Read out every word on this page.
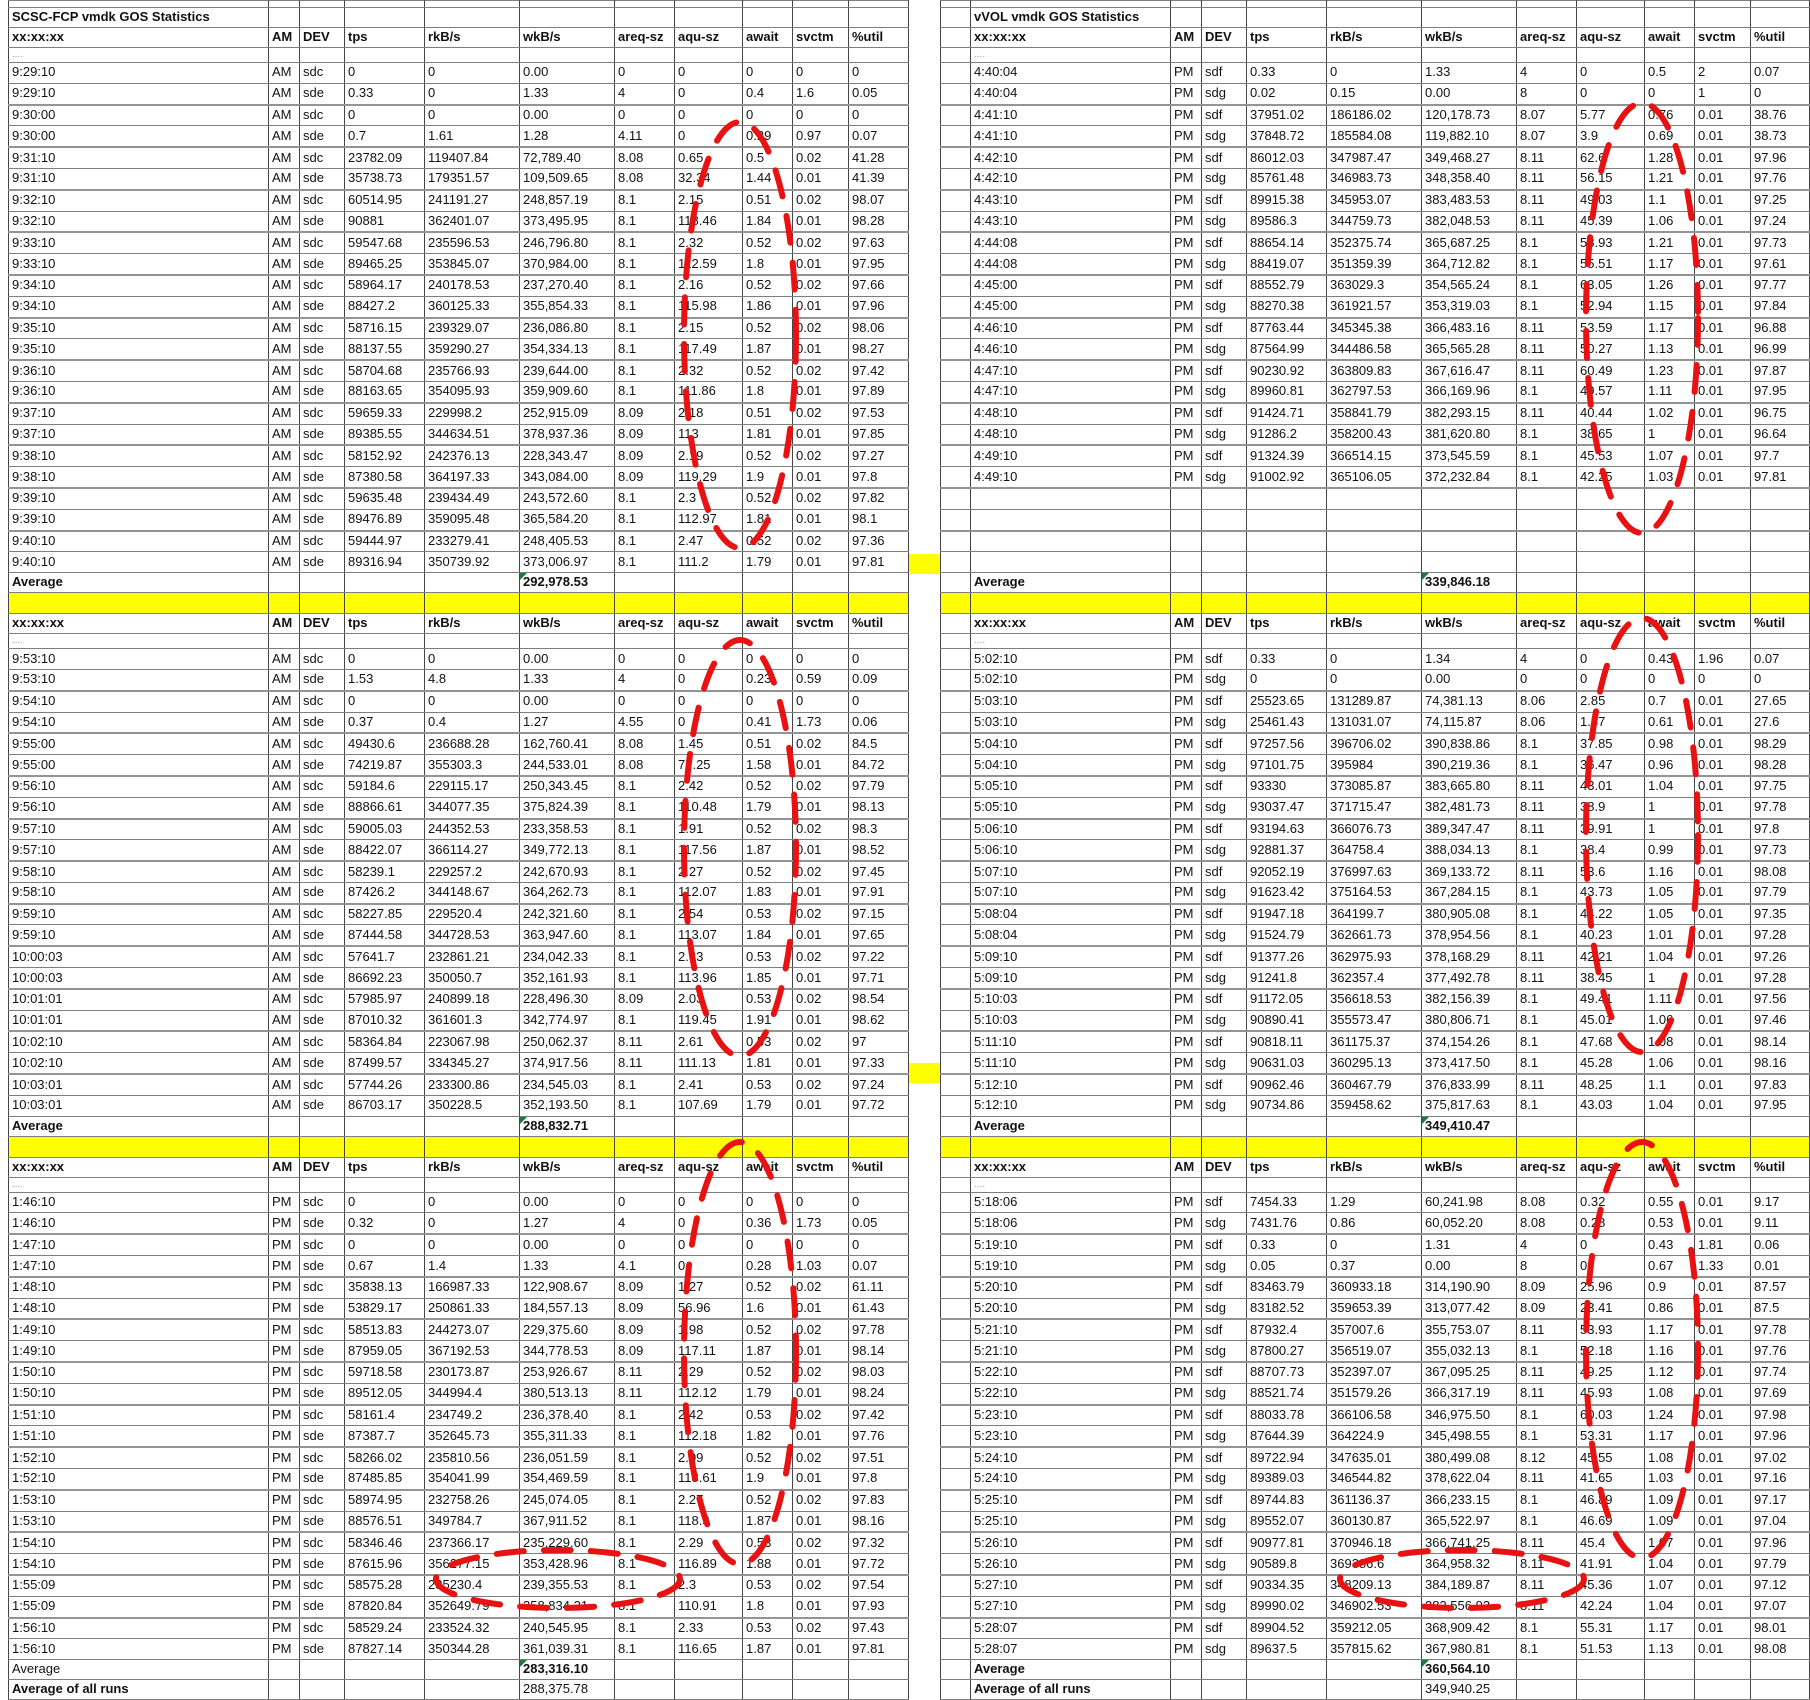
SCSC-FCP vmdk GOS Statistics										
xx:xx:xx	AM	DEV	tps	rkB/s	wkB/s	areq-sz	aqu-sz	await	svctm	%util
....										
9:29:10	AM	sdc	0	0	0.00	0	0	0	0	0
9:29:10	AM	sde	0.33	0	1.33	4	0	0.4	1.6	0.05
9:30:00	AM	sdc	0	0	0.00	0	0	0	0	0
9:30:00	AM	sde	0.7	1.61	1.28	4.11	0	0.29	0.97	0.07
9:31:10	AM	sdc	23782.09	119407.84	72,789.40	8.08	0.65	0.5	0.02	41.28
9:31:10	AM	sde	35738.73	179351.57	109,509.65	8.08	32.34	1.44	0.01	41.39
9:32:10	AM	sdc	60514.95	241191.27	248,857.19	8.1	2.15	0.51	0.02	98.07
9:32:10	AM	sde	90881	362401.07	373,495.95	8.1	118.46	1.84	0.01	98.28
9:33:10	AM	sdc	59547.68	235596.53	246,796.80	8.1	2.32	0.52	0.02	97.63
9:33:10	AM	sde	89465.25	353845.07	370,984.00	8.1	112.59	1.8	0.01	97.95
9:34:10	AM	sdc	58964.17	240178.53	237,270.40	8.1	2.16	0.52	0.02	97.66
9:34:10	AM	sde	88427.2	360125.33	355,854.33	8.1	115.98	1.86	0.01	97.96
9:35:10	AM	sdc	58716.15	239329.07	236,086.80	8.1	2.15	0.52	0.02	98.06
9:35:10	AM	sde	88137.55	359290.27	354,334.13	8.1	117.49	1.87	0.01	98.27
9:36:10	AM	sdc	58704.68	235766.93	239,644.00	8.1	2.32	0.52	0.02	97.42
9:36:10	AM	sde	88163.65	354095.93	359,909.60	8.1	111.86	1.8	0.01	97.89
9:37:10	AM	sdc	59659.33	229998.2	252,915.09	8.09	2.18	0.51	0.02	97.53
9:37:10	AM	sde	89385.55	344634.51	378,937.36	8.09	113	1.81	0.01	97.85
9:38:10	AM	sdc	58152.92	242376.13	228,343.47	8.09	2.19	0.52	0.02	97.27
9:38:10	AM	sde	87380.58	364197.33	343,084.00	8.09	119.29	1.9	0.01	97.8
9:39:10	AM	sdc	59635.48	239434.49	243,572.60	8.1	2.3	0.52	0.02	97.82
9:39:10	AM	sde	89476.89	359095.48	365,584.20	8.1	112.97	1.81	0.01	98.1
9:40:10	AM	sdc	59444.97	233279.41	248,405.53	8.1	2.47	0.52	0.02	97.36
9:40:10	AM	sde	89316.94	350739.92	373,006.97	8.1	111.2	1.79	0.01	97.81
Average					292,978.53					

xx:xx:xx	AM	DEV	tps	rkB/s	wkB/s	areq-sz	aqu-sz	await	svctm	%util
....										
9:53:10	AM	sdc	0	0	0.00	0	0	0	0	0
9:53:10	AM	sde	1.53	4.8	1.33	4	0	0.23	0.59	0.09
9:54:10	AM	sdc	0	0	0.00	0	0	0	0	0
9:54:10	AM	sde	0.37	0.4	1.27	4.55	0	0.41	1.73	0.06
9:55:00	AM	sdc	49430.6	236688.28	162,760.41	8.08	1.45	0.51	0.02	84.5
9:55:00	AM	sde	74219.87	355303.3	244,533.01	8.08	77.25	1.58	0.01	84.72
9:56:10	AM	sdc	59184.6	229115.17	250,343.45	8.1	2.42	0.52	0.02	97.79
9:56:10	AM	sde	88866.61	344077.35	375,824.39	8.1	110.48	1.79	0.01	98.13
9:57:10	AM	sdc	59005.03	244352.53	233,358.53	8.1	1.91	0.52	0.02	98.3
9:57:10	AM	sde	88422.07	366114.27	349,772.13	8.1	117.56	1.87	0.01	98.52
9:58:10	AM	sdc	58239.1	229257.2	242,670.93	8.1	2.27	0.52	0.02	97.45
9:58:10	AM	sde	87426.2	344148.67	364,262.73	8.1	112.07	1.83	0.01	97.91
9:59:10	AM	sdc	58227.85	229520.4	242,321.60	8.1	2.54	0.53	0.02	97.15
9:59:10	AM	sde	87444.58	344728.53	363,947.60	8.1	113.07	1.84	0.01	97.65
10:00:03	AM	sdc	57641.7	232861.21	234,042.33	8.1	2.33	0.53	0.02	97.22
10:00:03	AM	sde	86692.23	350050.7	352,161.93	8.1	113.96	1.85	0.01	97.71
10:01:01	AM	sdc	57985.97	240899.18	228,496.30	8.09	2.03	0.53	0.02	98.54
10:01:01	AM	sde	87010.32	361601.3	342,774.97	8.1	119.45	1.91	0.01	98.62
10:02:10	AM	sdc	58364.84	223067.98	250,062.37	8.11	2.61	0.53	0.02	97
10:02:10	AM	sde	87499.57	334345.27	374,917.56	8.11	111.13	1.81	0.01	97.33
10:03:01	AM	sdc	57744.26	233300.86	234,545.03	8.1	2.41	0.53	0.02	97.24
10:03:01	AM	sde	86703.17	350228.5	352,193.50	8.1	107.69	1.79	0.01	97.72
Average					288,832.71					

xx:xx:xx	AM	DEV	tps	rkB/s	wkB/s	areq-sz	aqu-sz	await	svctm	%util
....										
1:46:10	PM	sdc	0	0	0.00	0	0	0	0	0
1:46:10	PM	sde	0.32	0	1.27	4	0	0.36	1.73	0.05
1:47:10	PM	sdc	0	0	0.00	0	0	0	0	0
1:47:10	PM	sde	0.67	1.4	1.33	4.1	0	0.28	1.03	0.07
1:48:10	PM	sdc	35838.13	166987.33	122,908.67	8.09	1.27	0.52	0.02	61.11
1:48:10	PM	sde	53829.17	250861.33	184,557.13	8.09	56.96	1.6	0.01	61.43
1:49:10	PM	sdc	58513.83	244273.07	229,375.60	8.09	1.98	0.52	0.02	97.78
1:49:10	PM	sde	87959.05	367192.53	344,778.53	8.09	117.11	1.87	0.01	98.14
1:50:10	PM	sdc	59718.58	230173.87	253,926.67	8.11	2.29	0.52	0.02	98.03
1:50:10	PM	sde	89512.05	344994.4	380,513.13	8.11	112.12	1.79	0.01	98.24
1:51:10	PM	sdc	58161.4	234749.2	236,378.40	8.1	2.42	0.53	0.02	97.42
1:51:10	PM	sde	87387.7	352645.73	355,311.33	8.1	112.18	1.82	0.01	97.76
1:52:10	PM	sdc	58266.02	235810.56	236,051.59	8.1	2.09	0.52	0.02	97.51
1:52:10	PM	sde	87485.85	354041.99	354,469.59	8.1	118.61	1.9	0.01	97.8
1:53:10	PM	sdc	58974.95	232758.26	245,074.05	8.1	2.27	0.52	0.02	97.83
1:53:10	PM	sde	88576.51	349784.7	367,911.52	8.1	118.3	1.87	0.01	98.16
1:54:10	PM	sdc	58346.46	237366.17	235,229.60	8.1	2.29	0.53	0.02	97.32
1:54:10	PM	sde	87615.96	356277.15	353,428.96	8.1	116.89	1.88	0.01	97.72
1:55:09	PM	sdc	58575.28	235230.4	239,355.53	8.1	2.3	0.53	0.02	97.54
1:55:09	PM	sde	87820.84	352649.79	358,834.21	8.1	110.91	1.8	0.01	97.93
1:56:10	PM	sdc	58529.24	233524.32	240,545.95	8.1	2.33	0.53	0.02	97.43
1:56:10	PM	sde	87827.14	350344.28	361,039.31	8.1	116.65	1.87	0.01	97.81
Average					283,316.10					
Average of all runs					288,375.78					

	vVOL vmdk GOS Statistics										
	xx:xx:xx	AM	DEV	tps	rkB/s	wkB/s	areq-sz	aqu-sz	await	svctm	%util
	....										
	4:40:04	PM	sdf	0.33	0	1.33	4	0	0.5	2	0.07
	4:40:04	PM	sdg	0.02	0.15	0.00	8	0	0	1	0
	4:41:10	PM	sdf	37951.02	186186.02	120,178.73	8.07	5.77	0.76	0.01	38.76
	4:41:10	PM	sdg	37848.72	185584.08	119,882.10	8.07	3.9	0.69	0.01	38.73
	4:42:10	PM	sdf	86012.03	347987.47	349,468.27	8.11	62.6	1.28	0.01	97.96
	4:42:10	PM	sdg	85761.48	346983.73	348,358.40	8.11	56.15	1.21	0.01	97.76
	4:43:10	PM	sdf	89915.38	345953.07	383,483.53	8.11	49.03	1.1	0.01	97.25
	4:43:10	PM	sdg	89586.3	344759.73	382,048.53	8.11	45.39	1.06	0.01	97.24
	4:44:08	PM	sdf	88654.14	352375.74	365,687.25	8.1	58.93	1.21	0.01	97.73
	4:44:08	PM	sdg	88419.07	351359.39	364,712.82	8.1	55.51	1.17	0.01	97.61
	4:45:00	PM	sdf	88552.79	363029.3	354,565.24	8.1	63.05	1.26	0.01	97.77
	4:45:00	PM	sdg	88270.38	361921.57	353,319.03	8.1	52.94	1.15	0.01	97.84
	4:46:10	PM	sdf	87763.44	345345.38	366,483.16	8.11	53.59	1.17	0.01	96.88
	4:46:10	PM	sdg	87564.99	344486.58	365,565.28	8.11	50.27	1.13	0.01	96.99
	4:47:10	PM	sdf	90230.92	363809.83	367,616.47	8.11	60.49	1.23	0.01	97.87
	4:47:10	PM	sdg	89960.81	362797.53	366,169.96	8.1	49.57	1.11	0.01	97.95
	4:48:10	PM	sdf	91424.71	358841.79	382,293.15	8.11	40.44	1.02	0.01	96.75
	4:48:10	PM	sdg	91286.2	358200.43	381,620.80	8.1	38.65	1	0.01	96.64
	4:49:10	PM	sdf	91324.39	366514.15	373,545.59	8.1	45.53	1.07	0.01	97.7
	4:49:10	PM	sdg	91002.92	365106.05	372,232.84	8.1	42.25	1.03	0.01	97.81

	Average					339,846.18					

	xx:xx:xx	AM	DEV	tps	rkB/s	wkB/s	areq-sz	aqu-sz	await	svctm	%util
	....										
	5:02:10	PM	sdf	0.33	0	1.34	4	0	0.43	1.96	0.07
	5:02:10	PM	sdg	0	0	0.00	0	0	0	0	0
	5:03:10	PM	sdf	25523.65	131289.87	74,381.13	8.06	2.85	0.7	0.01	27.65
	5:03:10	PM	sdg	25461.43	131031.07	74,115.87	8.06	1.37	0.61	0.01	27.6
	5:04:10	PM	sdf	97257.56	396706.02	390,838.86	8.1	37.85	0.98	0.01	98.29
	5:04:10	PM	sdg	97101.75	395984	390,219.36	8.1	36.47	0.96	0.01	98.28
	5:05:10	PM	sdf	93330	373085.87	383,665.80	8.11	43.01	1.04	0.01	97.75
	5:05:10	PM	sdg	93037.47	371715.47	382,481.73	8.11	38.9	1	0.01	97.78
	5:06:10	PM	sdf	93194.63	366076.73	389,347.47	8.11	39.91	1	0.01	97.8
	5:06:10	PM	sdg	92881.37	364758.4	388,034.13	8.1	38.4	0.99	0.01	97.73
	5:07:10	PM	sdf	92052.19	376997.63	369,133.72	8.11	53.6	1.16	0.01	98.08
	5:07:10	PM	sdg	91623.42	375164.53	367,284.15	8.1	43.73	1.05	0.01	97.79
	5:08:04	PM	sdf	91947.18	364199.7	380,905.08	8.1	44.22	1.05	0.01	97.35
	5:08:04	PM	sdg	91524.79	362661.73	378,954.56	8.1	40.23	1.01	0.01	97.28
	5:09:10	PM	sdf	91377.26	362975.93	378,168.29	8.11	42.21	1.04	0.01	97.26
	5:09:10	PM	sdg	91241.8	362357.4	377,492.78	8.11	38.45	1	0.01	97.28
	5:10:03	PM	sdf	91172.05	356618.53	382,156.39	8.1	49.41	1.11	0.01	97.56
	5:10:03	PM	sdg	90890.41	355573.47	380,806.71	8.1	45.01	1.06	0.01	97.46
	5:11:10	PM	sdf	90818.11	361175.37	374,154.26	8.1	47.68	1.08	0.01	98.14
	5:11:10	PM	sdg	90631.03	360295.13	373,417.50	8.1	45.28	1.06	0.01	98.16
	5:12:10	PM	sdf	90962.46	360467.79	376,833.99	8.11	48.25	1.1	0.01	97.83
	5:12:10	PM	sdg	90734.86	359458.62	375,817.63	8.1	43.03	1.04	0.01	97.95
	Average					349,410.47					

	xx:xx:xx	AM	DEV	tps	rkB/s	wkB/s	areq-sz	aqu-sz	await	svctm	%util
	....										
	5:18:06	PM	sdf	7454.33	1.29	60,241.98	8.08	0.32	0.55	0.01	9.17
	5:18:06	PM	sdg	7431.76	0.86	60,052.20	8.08	0.28	0.53	0.01	9.11
	5:19:10	PM	sdf	0.33	0	1.31	4	0	0.43	1.81	0.06
	5:19:10	PM	sdg	0.05	0.37	0.00	8	0	0.67	1.33	0.01
	5:20:10	PM	sdf	83463.79	360933.18	314,190.90	8.09	25.96	0.9	0.01	87.57
	5:20:10	PM	sdg	83182.52	359653.39	313,077.42	8.09	23.41	0.86	0.01	87.5
	5:21:10	PM	sdf	87932.4	357007.6	355,753.07	8.11	53.93	1.17	0.01	97.78
	5:21:10	PM	sdg	87800.27	356519.07	355,032.13	8.1	52.18	1.16	0.01	97.76
	5:22:10	PM	sdf	88707.73	352397.07	367,095.25	8.11	49.25	1.12	0.01	97.74
	5:22:10	PM	sdg	88521.74	351579.26	366,317.19	8.11	45.93	1.08	0.01	97.69
	5:23:10	PM	sdf	88033.78	366106.58	346,975.50	8.1	60.03	1.24	0.01	97.98
	5:23:10	PM	sdg	87644.39	364224.9	345,498.55	8.1	53.31	1.17	0.01	97.96
	5:24:10	PM	sdf	89722.94	347635.01	380,499.08	8.12	45.55	1.08	0.01	97.02
	5:24:10	PM	sdg	89389.03	346544.82	378,622.04	8.11	41.65	1.03	0.01	97.16
	5:25:10	PM	sdf	89744.83	361136.37	366,233.15	8.1	46.89	1.09	0.01	97.17
	5:25:10	PM	sdg	89552.07	360130.87	365,522.97	8.1	46.69	1.09	0.01	97.04
	5:26:10	PM	sdf	90977.81	370946.18	366,741.25	8.11	45.4	1.07	0.01	97.96
	5:26:10	PM	sdg	90589.8	369386.6	364,958.32	8.11	41.91	1.04	0.01	97.79
	5:27:10	PM	sdf	90334.35	348209.13	384,189.87	8.11	45.36	1.07	0.01	97.12
	5:27:10	PM	sdg	89990.02	346902.53	382,556.93	8.11	42.24	1.04	0.01	97.07
	5:28:07	PM	sdf	89904.52	359212.05	368,909.42	8.1	55.31	1.17	0.01	98.01
	5:28:07	PM	sdg	89637.5	357815.62	367,980.81	8.1	51.53	1.13	0.01	98.08
	Average					360,564.10					
	Average of all runs					349,940.25					
